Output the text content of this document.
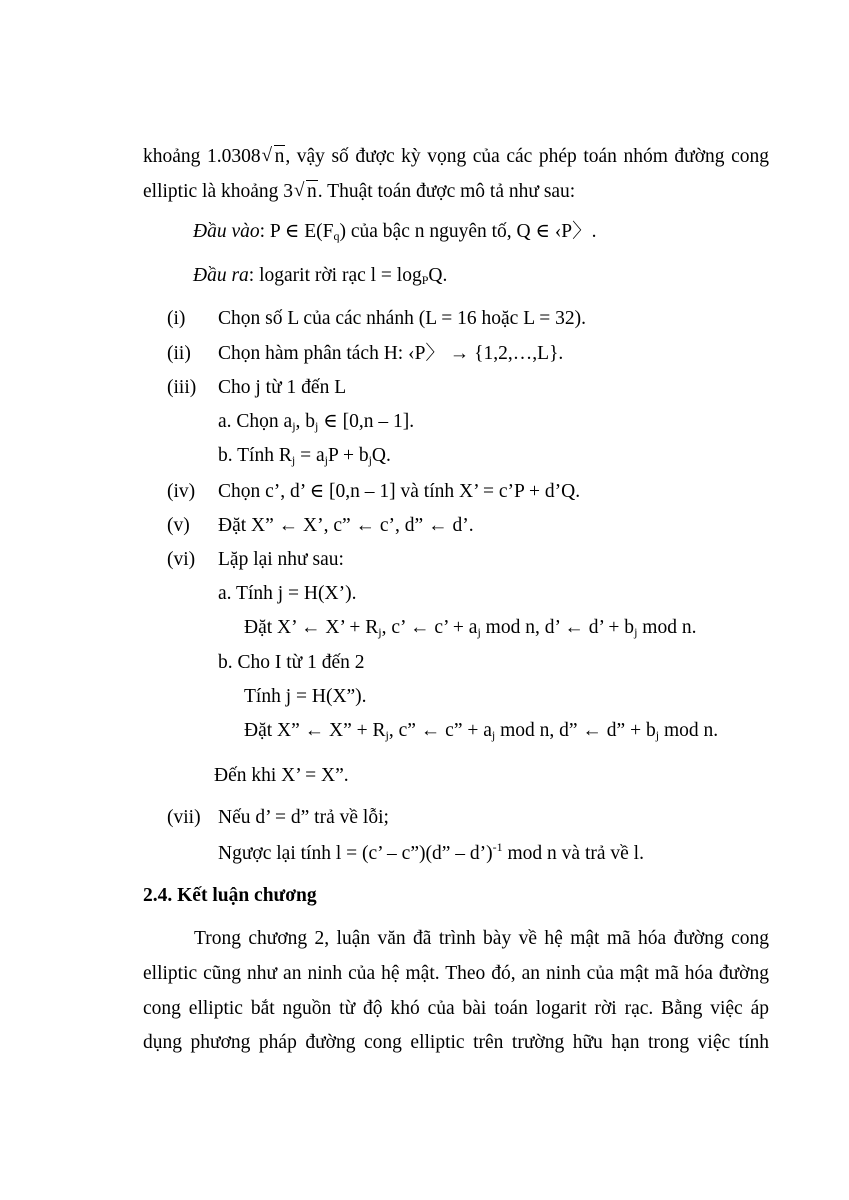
khoảng 1.0308 √ n, vậy số được kỳ vọng của các phép toán nhóm đường cong
elliptic là khoảng 3 √ n. Thuật toán được mô tả như sau:
Đầu vào: P ∈ $E(F_q)$ của bậc n nguyên tố, Q ∈ ‹P〉.
Đầu ra: logarit rời rạc $l = \log_PQ$.
(i) Chọn số L của các nhánh (L = 16 hoặc L = 32).
(ii) Chọn hàm phân tách H: ‹P〉 → {1,2,…,L}.
(iii) Cho j từ 1 đến L
a. Chọn $a_j$, $b_j$ ∈ [0,n – 1].
b. Tính $R_j = a_jP + b_jQ$.
(iv) Chọn c’, d’ ∈ [0,n – 1] và tính X’ = c’P + d’Q.
(v) Đặt X” ← X’, c” ← c’, d” ← d’.
(vi) Lặp lại như sau:
a. Tính j = H(X’).
Đặt X’ ← X’ + $R_j$, c’ ← c’ + $a_j$ mod n, d’ ← d’ + $b_j$ mod n.
b. Cho I từ 1 đến 2
Tính j = H(X”).
Đặt X” ← X” + $R_j$, c” ← c” + $a_j$ mod n, d” ← d” + $b_j$ mod n.
Đến khi X’ = X”.
(vii) Nếu d’ = d” trả về lỗi;
Ngược lại tính l = (c’ – c”)(d” – d’)$^{-1}$ mod n và trả về l.
2.4. Kết luận chương
Trong chương 2, luận văn đã trình bày về hệ mật mã hóa đường cong
elliptic cũng như an ninh của hệ mật. Theo đó, an ninh của mật mã hóa đường
cong elliptic bắt nguồn từ độ khó của bài toán logarit rời rạc. Bằng việc áp
dụng phương pháp đường cong elliptic trên trường hữu hạn trong việc tính
